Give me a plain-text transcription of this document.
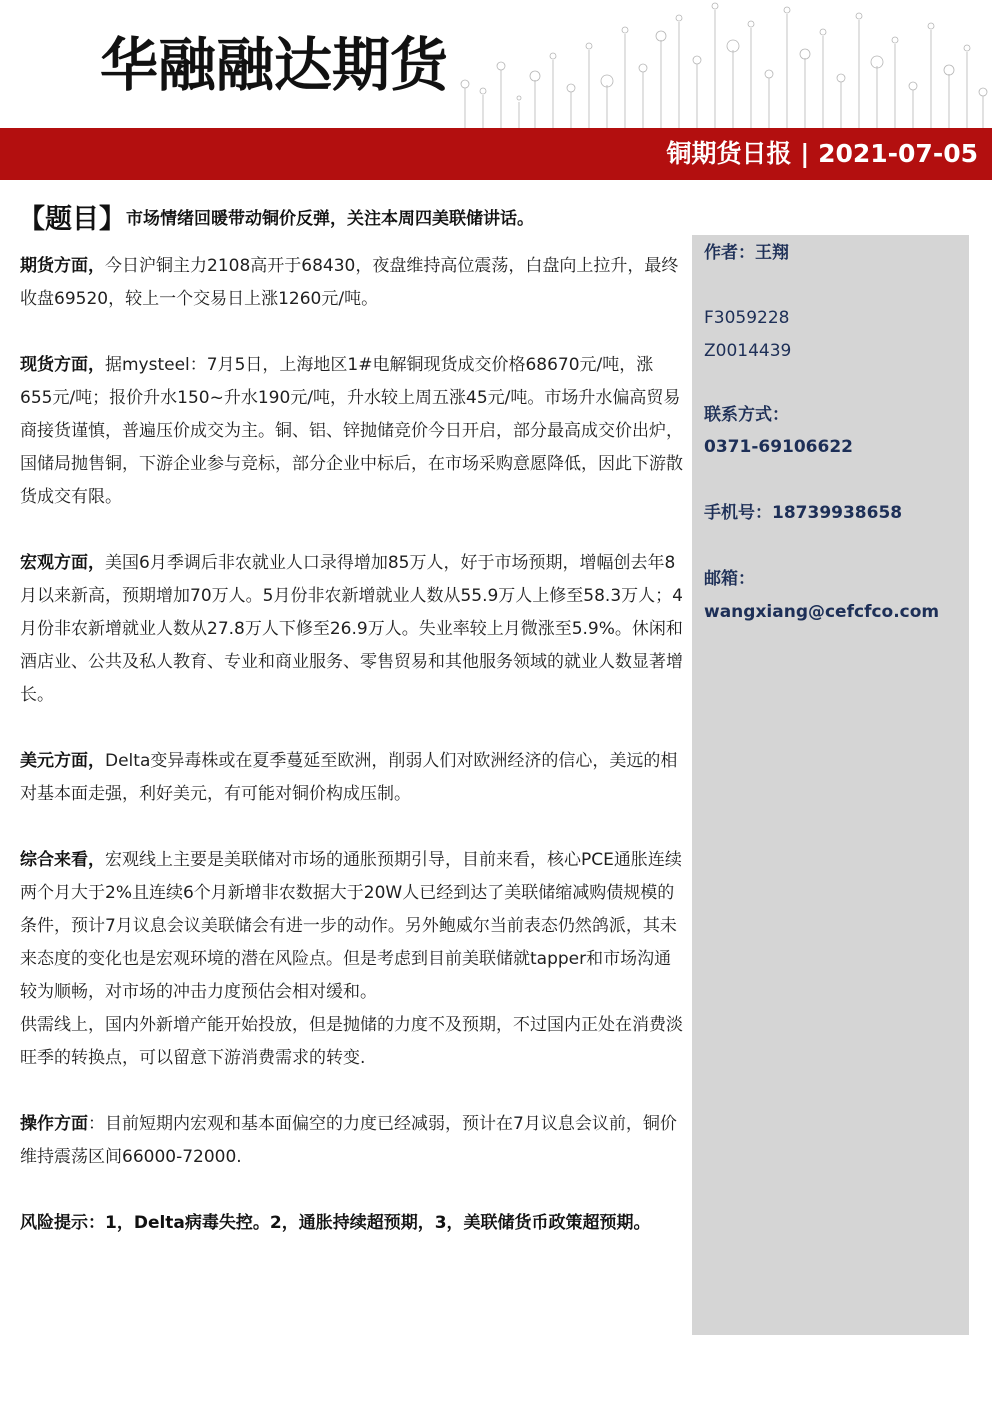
华融融达期货
铜期货日报 | 2021-07-05
【题目】市场情绪回暖带动铜价反弹，关注本周四美联储讲话。

期货方面，今日沪铜主力2108高开于68430，夜盘维持高位震荡，白盘向上拉升，最终收盘69520，较上一个交易日上涨1260元/吨。

现货方面，据mysteel：7月5日，上海地区1#电解铜现货成交价格68670元/吨，涨655元/吨；报价升水150~升水190元/吨，升水较上周五涨45元/吨。市场升水偏高贸易商接货谨慎，普遍压价成交为主。铜、铝、锌抛储竞价今日开启，部分最高成交价出炉，国储局抛售铜，下游企业参与竞标，部分企业中标后，在市场采购意愿降低，因此下游散货成交有限。

宏观方面，美国6月季调后非农就业人口录得增加85万人，好于市场预期，增幅创去年8月以来新高，预期增加70万人。5月份非农新增就业人数从55.9万人上修至58.3万人；4月份非农新增就业人数从27.8万人下修至26.9万人。失业率较上月微涨至5.9%。休闲和酒店业、公共及私人教育、专业和商业服务、零售贸易和其他服务领域的就业人数显著增长。

美元方面，Delta变异毒株或在夏季蔓延至欧洲，削弱人们对欧洲经济的信心，美远的相对基本面走强，利好美元，有可能对铜价构成压制。

综合来看，宏观线上主要是美联储对市场的通胀预期引导，目前来看，核心PCE通胀连续两个月大于2%且连续6个月新增非农数据大于20W人已经到达了美联储缩减购债规模的条件，预计7月议息会议美联储会有进一步的动作。另外鲍威尔当前表态仍然鸽派，其未来态度的变化也是宏观环境的潜在风险点。但是考虑到目前美联储就tapper和市场沟通较为顺畅，对市场的冲击力度预估会相对缓和。

供需线上，国内外新增产能开始投放，但是抛储的力度不及预期，不过国内正处在消费淡旺季的转换点，可以留意下游消费需求的转变.

操作方面：目前短期内宏观和基本面偏空的力度已经减弱，预计在7月议息会议前，铜价维持震荡区间66000-72000.

风险提示：1，Delta病毒失控。2，通胀持续超预期，3，美联储货币政策超预期。

作者：王翔
F3059228
Z0014439
联系方式：
0371-69106622
手机号：18739938658
邮箱：
wangxiang@cefcfco.com
